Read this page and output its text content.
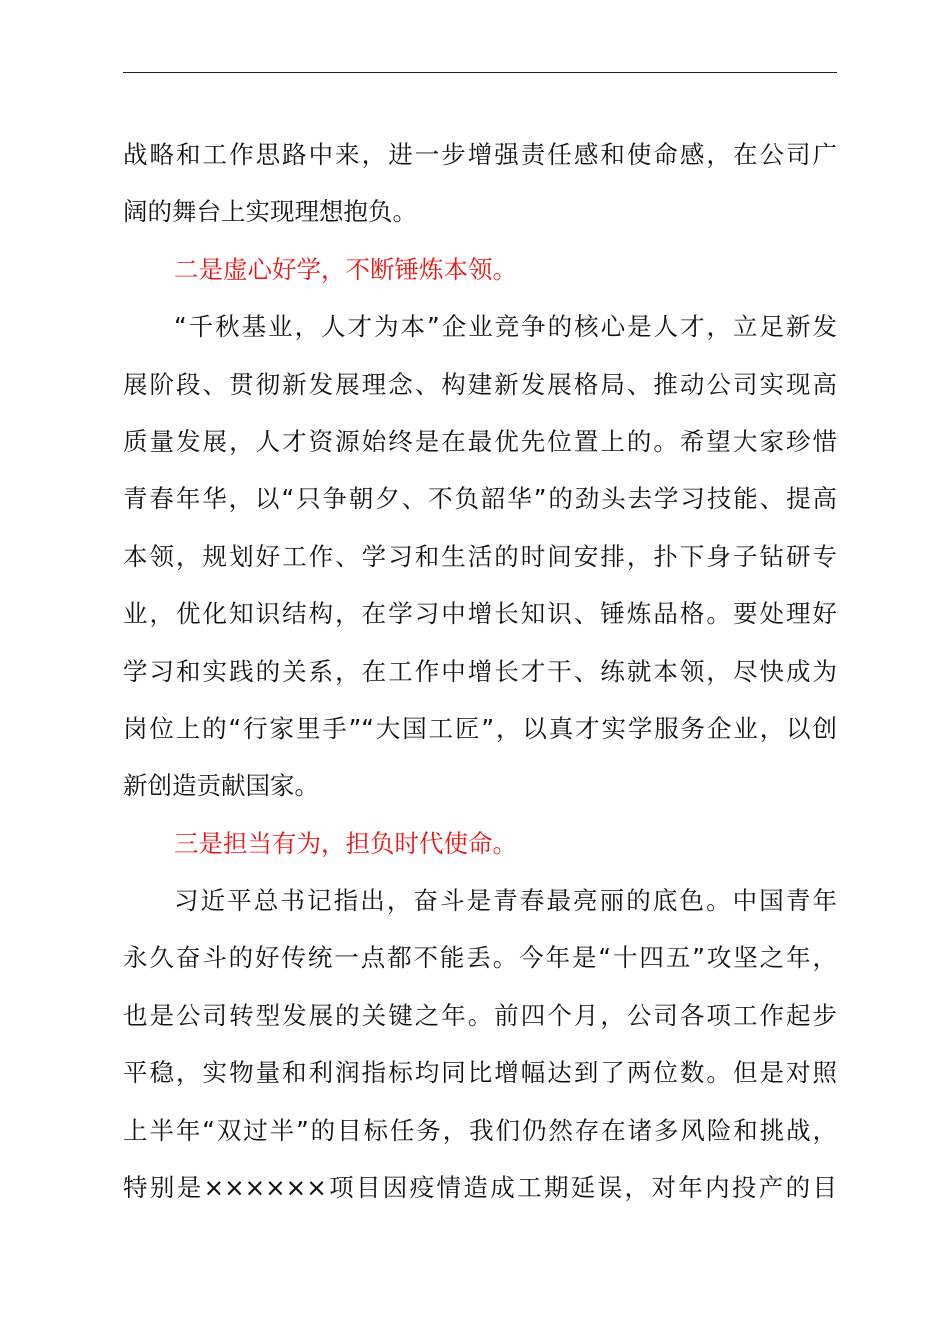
战略和工作思路中来，进一步增强责任感和使命感，在公司广
阔的舞台上实现理想抱负。
二是虚心好学，不断锤炼本领。
“千秋基业，人才为本”企业竞争的核心是人才，立足新发
展阶段、贯彻新发展理念、构建新发展格局、推动公司实现高
质量发展，人才资源始终是在最优先位置上的。希望大家珍惜
青春年华，以“只争朝夕、不负韶华”的劲头去学习技能、提高
本领，规划好工作、学习和生活的时间安排，扑下身子钻研专
业，优化知识结构，在学习中增长知识、锤炼品格。要处理好
学习和实践的关系，在工作中增长才干、练就本领，尽快成为
岗位上的“行家里手”“大国工匠”，以真才实学服务企业，以创
新创造贡献国家。
三是担当有为，担负时代使命。
习近平总书记指出，奋斗是青春最亮丽的底色。中国青年
永久奋斗的好传统一点都不能丢。今年是“十四五”攻坚之年，
也是公司转型发展的关键之年。前四个月，公司各项工作起步
平稳，实物量和利润指标均同比增幅达到了两位数。但是对照
上半年“双过半”的目标任务，我们仍然存在诸多风险和挑战，
特别是××××××项目因疫情造成工期延误，对年内投产的目
